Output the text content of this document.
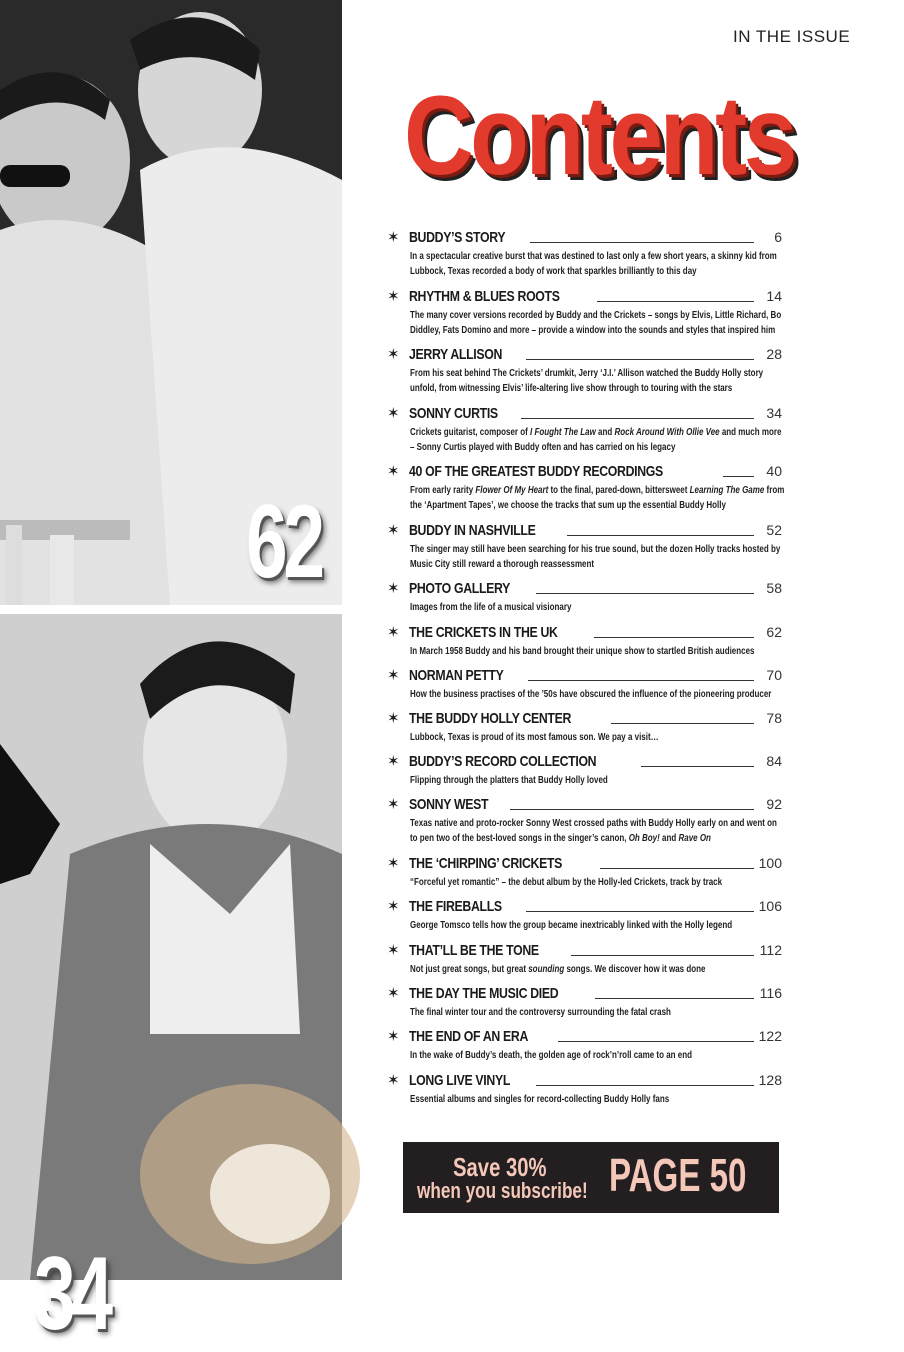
62
34
IN THE ISSUE
Contents
✶ BUDDY’S STORY	6
In a spectacular creative burst that was destined to last only a few short years, a skinny kid from Lubbock, Texas recorded a body of work that sparkles brilliantly to this day
✶ RHYTHM & BLUES ROOTS	14
The many cover versions recorded by Buddy and the Crickets – songs by Elvis, Little Richard, Bo Diddley, Fats Domino and more – provide a window into the sounds and styles that inspired him
✶ JERRY ALLISON	28
From his seat behind The Crickets’ drumkit, Jerry ‘J.I.’ Allison watched the Buddy Holly story unfold, from witnessing Elvis’ life-altering live show through to touring with the stars
✶ SONNY CURTIS	34
Crickets guitarist, composer of I Fought The Law and Rock Around With Ollie Vee and much more – Sonny Curtis played with Buddy often and has carried on his legacy
✶ 40 OF THE GREATEST BUDDY RECORDINGS	40
From early rarity Flower Of My Heart to the final, pared-down, bittersweet Learning The Game from the ‘Apartment Tapes’, we choose the tracks that sum up the essential Buddy Holly
✶ BUDDY IN NASHVILLE	52
The singer may still have been searching for his true sound, but the dozen Holly tracks hosted by Music City still reward a thorough reassessment
✶ PHOTO GALLERY	58
Images from the life of a musical visionary
✶ THE CRICKETS IN THE UK	62
In March 1958 Buddy and his band brought their unique show to startled British audiences
✶ NORMAN PETTY	70
How the business practises of the ’50s have obscured the influence of the pioneering producer
✶ THE BUDDY HOLLY CENTER	78
Lubbock, Texas is proud of its most famous son. We pay a visit…
✶ BUDDY’S RECORD COLLECTION	84
Flipping through the platters that Buddy Holly loved
✶ SONNY WEST	92
Texas native and proto-rocker Sonny West crossed paths with Buddy Holly early on and went on to pen two of the best-loved songs in the singer’s canon, Oh Boy! and Rave On
✶ THE ‘CHIRPING’ CRICKETS	100
“Forceful yet romantic” – the debut album by the Holly-led Crickets, track by track
✶ THE FIREBALLS	106
George Tomsco tells how the group became inextricably linked with the Holly legend
✶ THAT’LL BE THE TONE	112
Not just great songs, but great sounding songs. We discover how it was done
✶ THE DAY THE MUSIC DIED	116
The final winter tour and the controversy surrounding the fatal crash
✶ THE END OF AN ERA	122
In the wake of Buddy’s death, the golden age of rock’n’roll came to an end
✶ LONG LIVE VINYL	128
Essential albums and singles for record-collecting Buddy Holly fans
Save 30%
when you subscribe! PAGE 50
